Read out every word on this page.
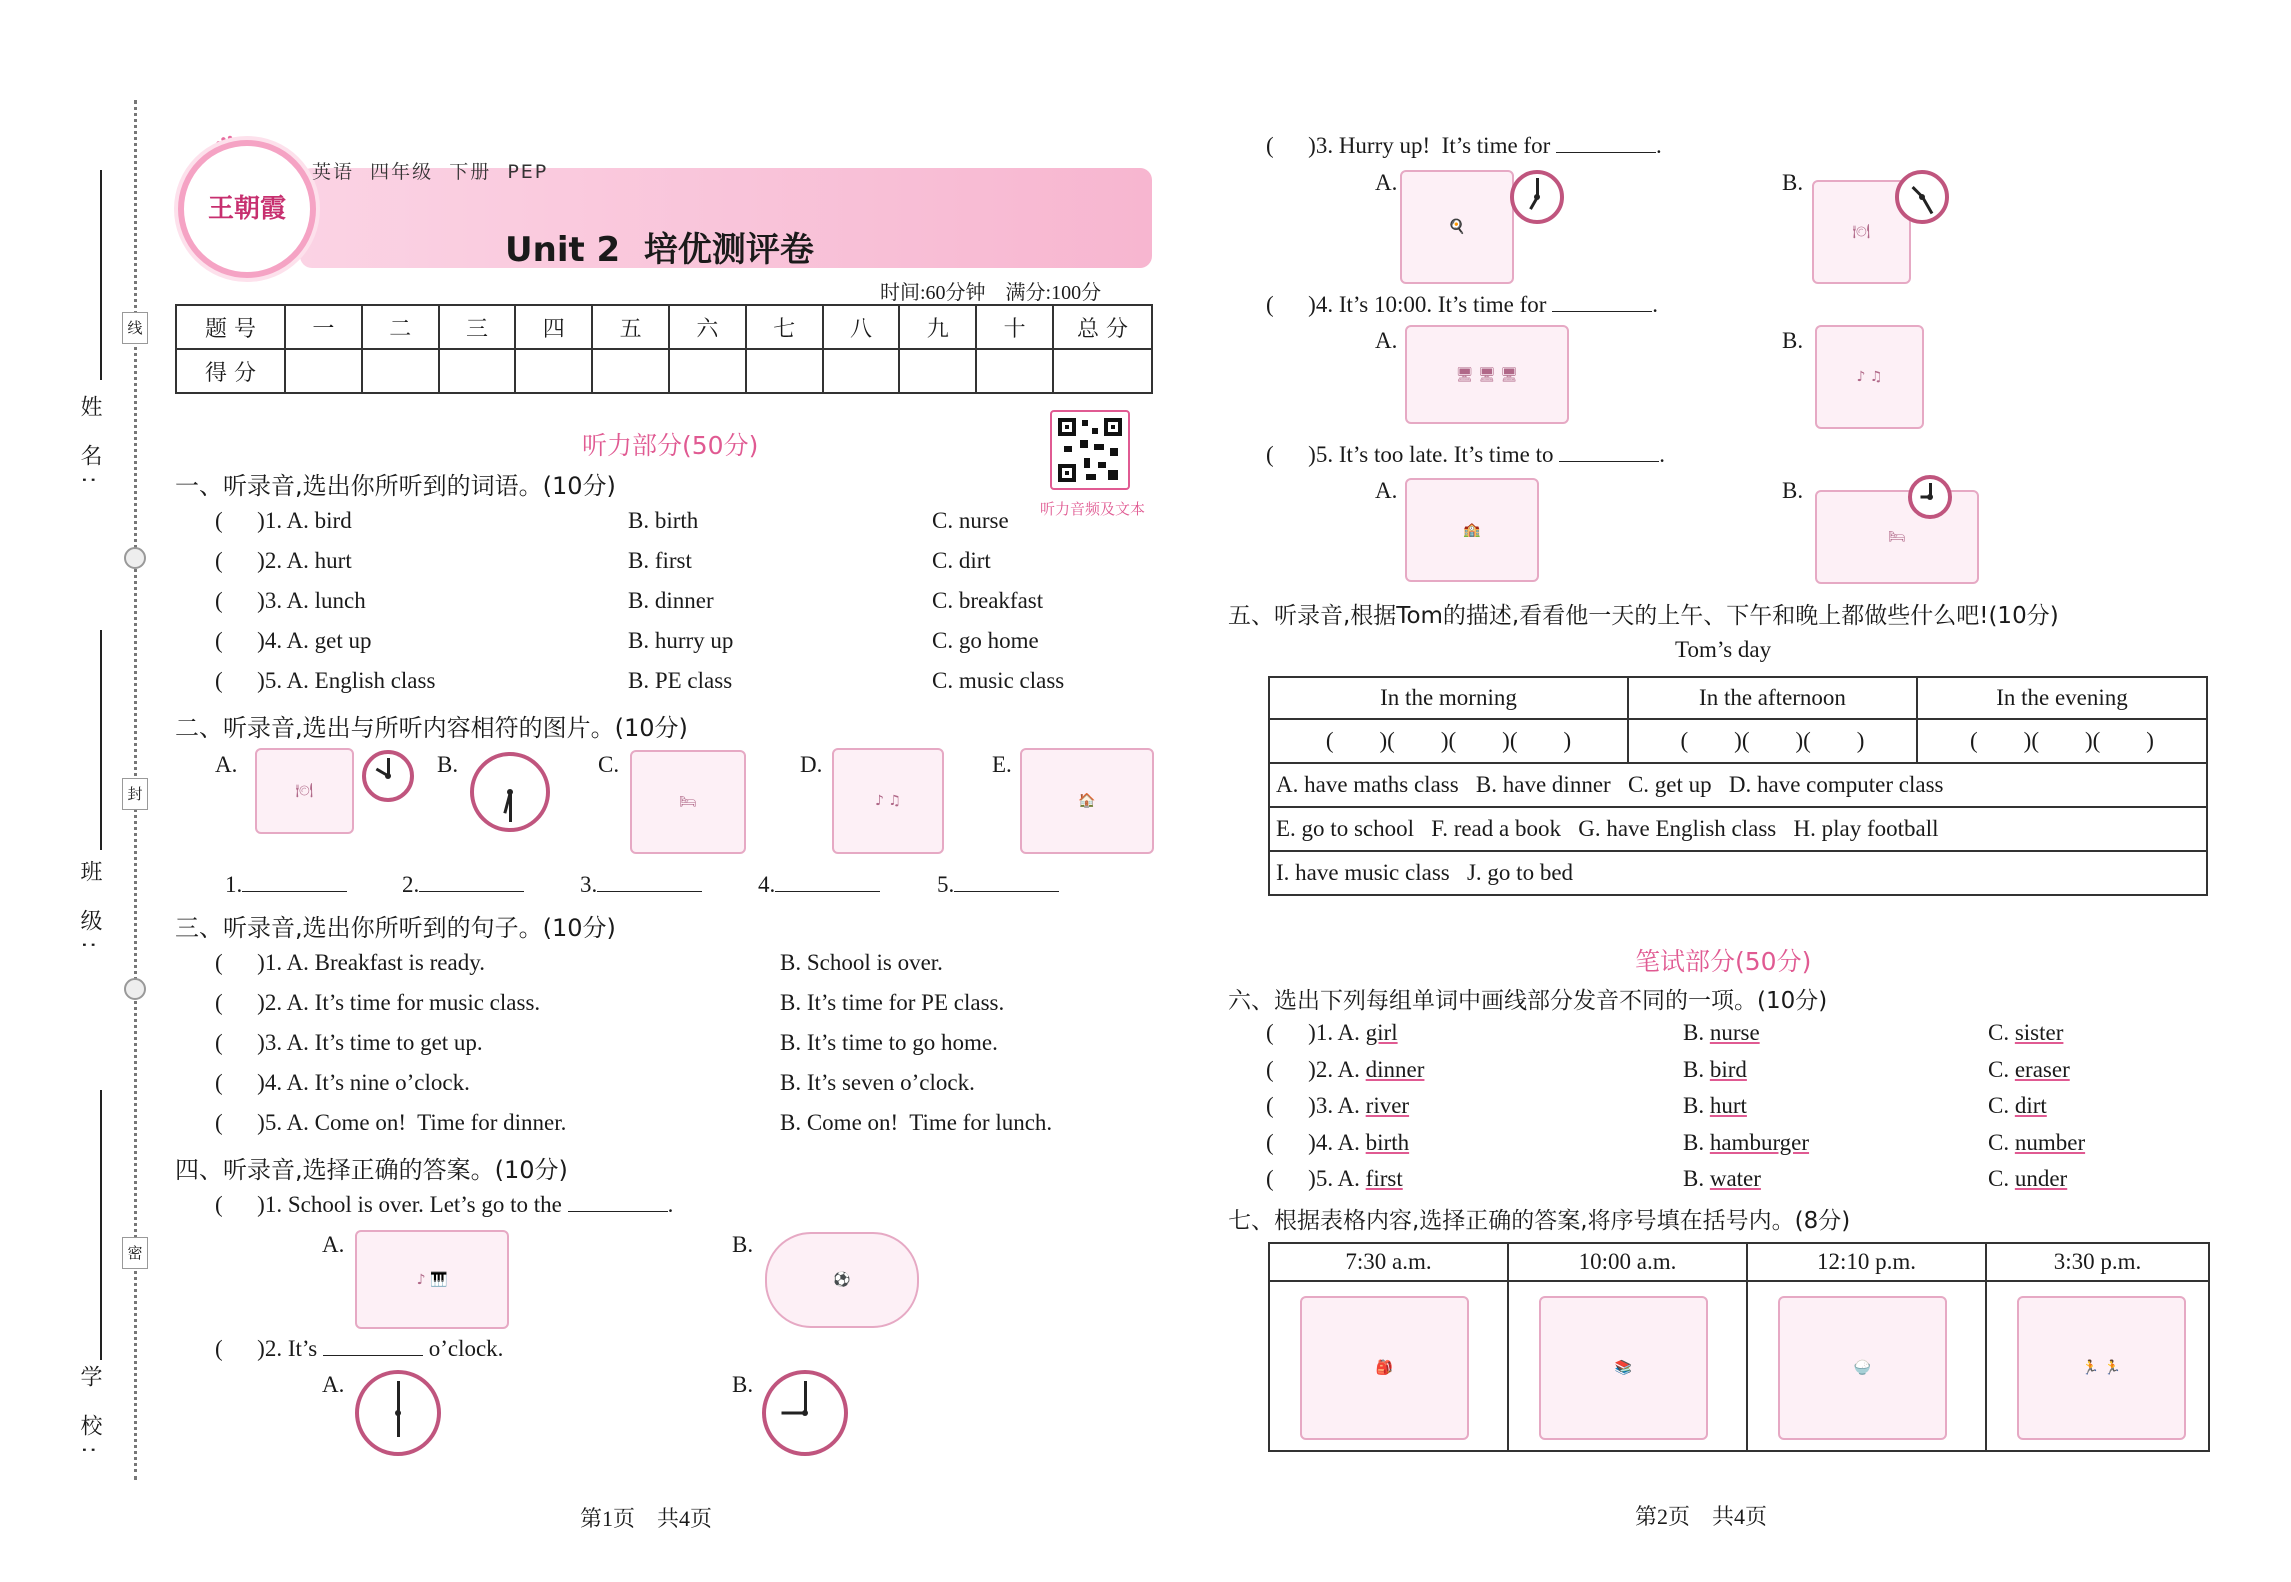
姓 名:
班 级:
学 校:
线
封
密
王朝霞
英语 四年级 下册 PEP
Unit 2  培优测评卷
时间:60分钟    满分:100分
题 号	一	二	三	四	五	六	七	八	九	十	总 分
得 分											
听力音频及文本
听力部分(50分)
一、听录音,选出你所听到的词语。(10分)
(      )1. A. bird	B. birth	C. nurse
(      )2. A. hurt	B. first	C. dirt
(      )3. A. lunch	B. dinner	C. breakfast
(      )4. A. get up	B. hurry up	C. go home
(      )5. A. English class	B. PE class	C. music class
二、听录音,选出与所听内容相符的图片。(10分)
A.
🍽
B.	C.
🛏
D.
♪ ♫
E.
🏠
1.	2.	3.	4.	5.
三、听录音,选出你所听到的句子。(10分)
(      )1. A. Breakfast is ready.	B. School is over.
(      )2. A. It’s time for music class.	B. It’s time for PE class.
(      )3. A. It’s time to get up.	B. It’s time to go home.
(      )4. A. It’s nine o’clock.	B. It’s seven o’clock.
(      )5. A. Come on!  Time for dinner.	B. Come on!  Time for lunch.
四、听录音,选择正确的答案。(10分)
(      )1. School is over. Let’s go to the	.
A.
♪ 🎹
B.
⚽
(      )2. It’s	o’clock.
A.	B.
第1页    共4页
(      )3. Hurry up!  It’s time for	.
A.
🍳
B.
🍽
(      )4. It’s 10:00. It’s time for	.
A.
🖥 🖥 🖥
B.
♪ ♫
(      )5. It’s too late. It’s time to	.
A.
🏫
B.
🛏
五、听录音,根据Tom的描述,看看他一天的上午、下午和晚上都做些什么吧!(10分)
Tom’s day
In the morning	In the afternoon	In the evening
(        )(        )(        )(        )	(        )(        )(        )	(        )(        )(        )
A. have maths class   B. have dinner   C. get up   D. have computer class		
E. go to school   F. read a book   G. have English class   H. play football		
I. have music class   J. go to bed		
笔试部分(50分)
六、选出下列每组单词中画线部分发音不同的一项。(10分)
(      )1. A. girl	B. nurse	C. sister
(      )2. A. dinner	B. bird	C. eraser
(      )3. A. river	B. hurt	C. dirt
(      )4. A. birth	B. hamburger	C. number
(      )5. A. first	B. water	C. under
七、根据表格内容,选择正确的答案,将序号填在括号内。(8分)
7:30 a.m.	10:00 a.m.	12:10 p.m.	3:30 p.m.

🎒	📚	🍚	🏃 🏃
第2页    共4页
